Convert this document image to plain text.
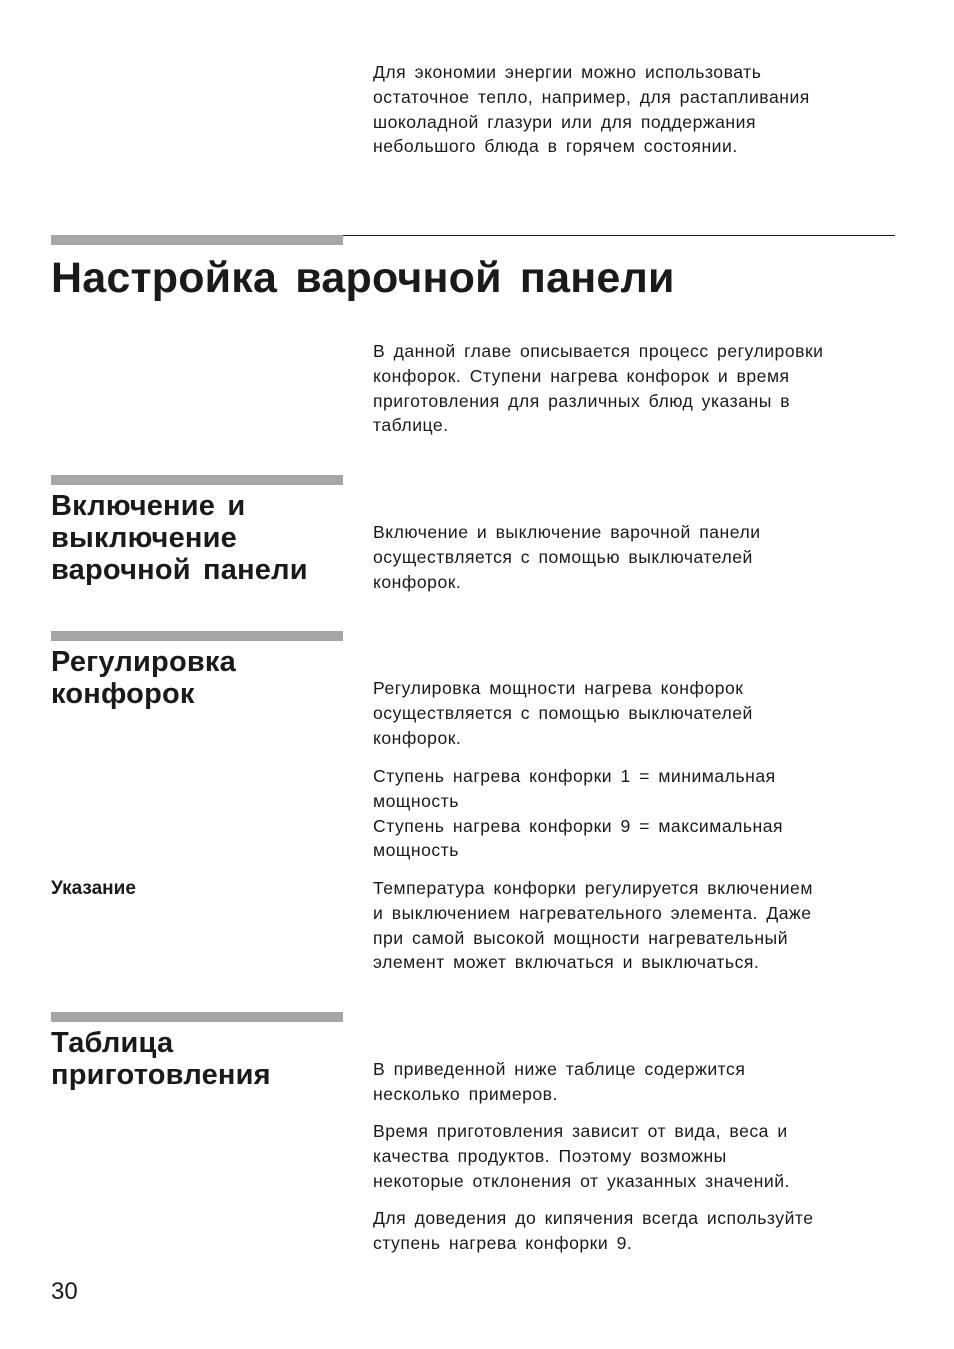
Для экономии энергии можно использовать
остаточное тепло, например, для растапливания
шоколадной глазури или для поддержания
небольшого блюда в горячем состоянии.
Настройка варочной панели
В данной главе описывается процесс регулировки
конфорок. Ступени нагрева конфорок и время
приготовления для различных блюд указаны в
таблице.
Включение и
выключение
варочной панели
Включение и выключение варочной панели
осуществляется с помощью выключателей
конфорок.
Регулировка
конфорок	Регулировка мощности нагрева конфорок
осуществляется с помощью выключателей
конфорок.
Ступень нагрева конфорки 1 = минимальная
мощность
Ступень нагрева конфорки 9 = максимальная
мощность

Указание	Температура конфорки регулируется включением
и выключением нагревательного элемента. Даже
при самой высокой мощности нагревательный
элемент может включаться и выключаться.
Таблица
приготовления	В приведенной ниже таблице содержится
несколько примеров.
Время приготовления зависит от вида, веса и
качества продуктов. Поэтому возможны
некоторые отклонения от указанных значений.
Для доведения до кипячения всегда используйте
ступень нагрева конфорки 9.

30
